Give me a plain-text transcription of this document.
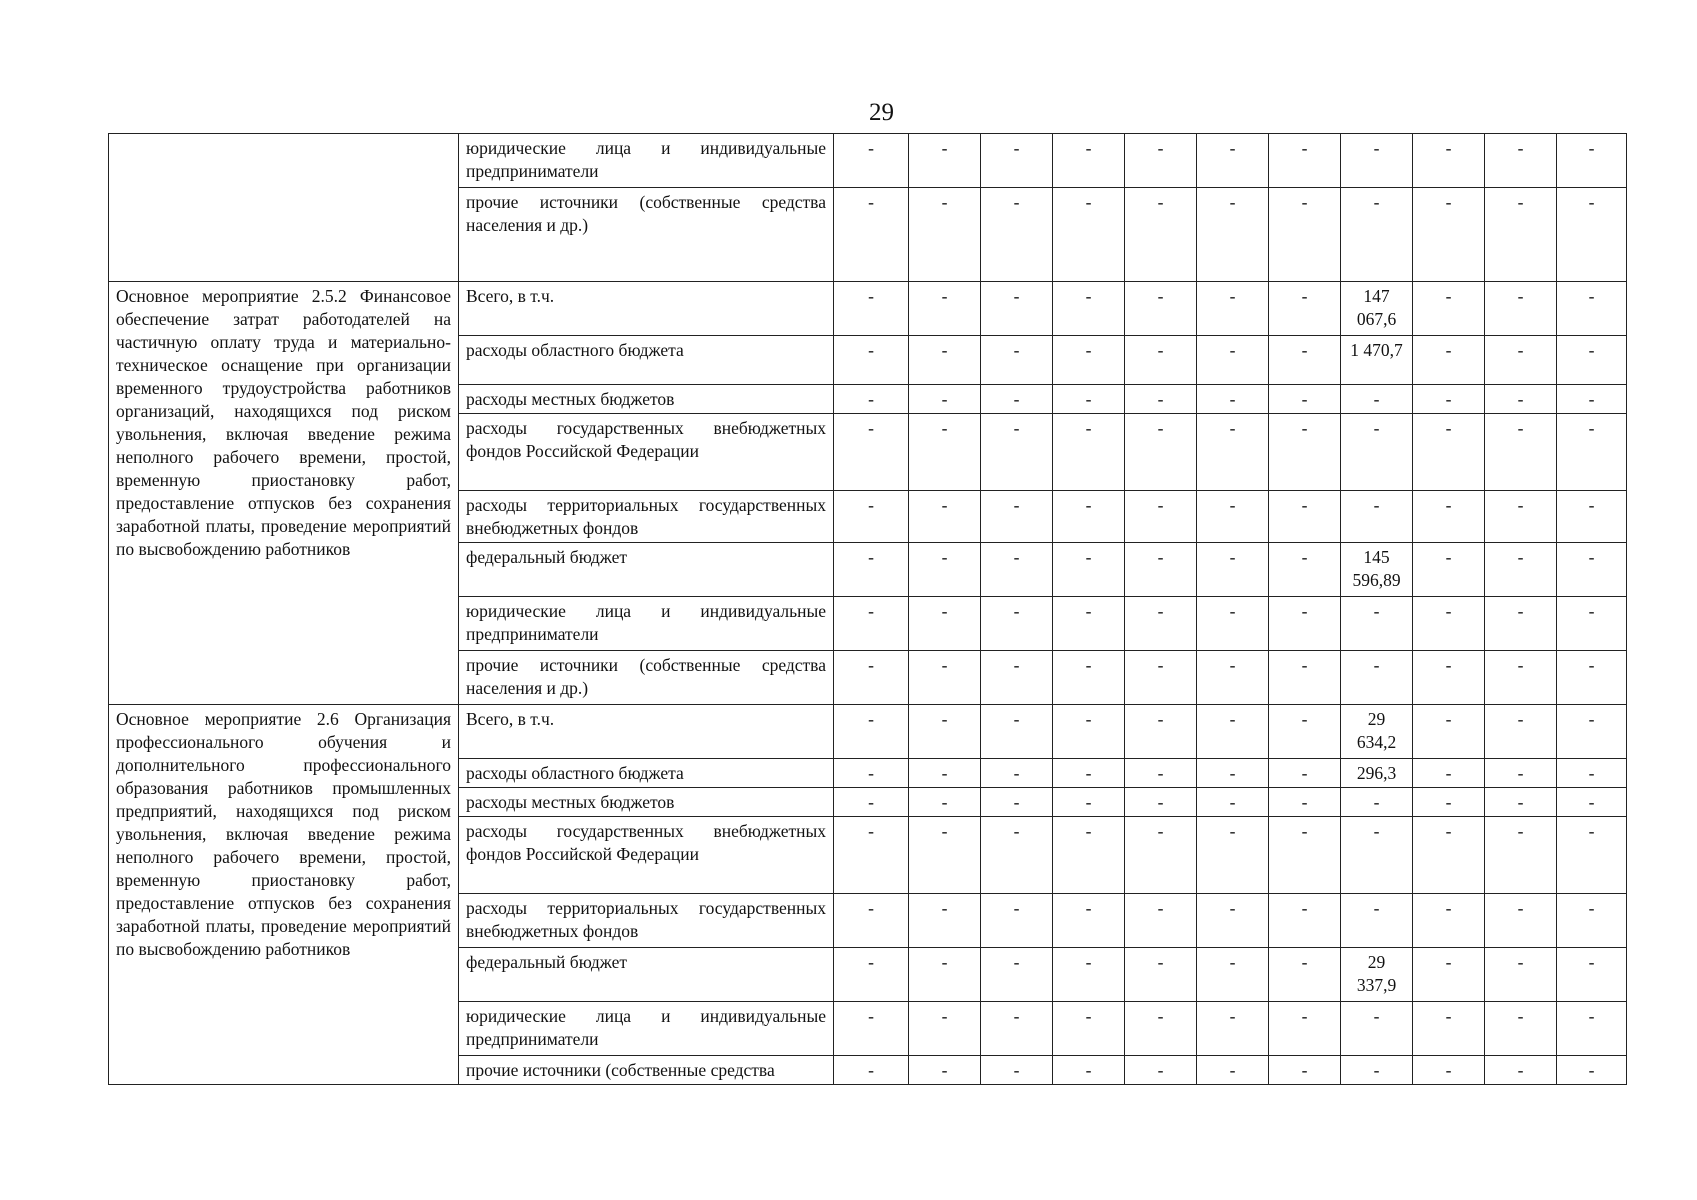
29
	юридические лица и индивидуальные предприниматели	-	-	-	-	-	-	-	-	-	-	-
	прочие источники (собственные средства населения и др.)	-	-	-	-	-	-	-	-	-	-	-
Основное мероприятие 2.5.2 Финансовое обеспечение затрат работодателей на частичную оплату труда и материально-техническое оснащение при организации временного трудоустройства работников организаций, находящихся под риском увольнения, включая введение режима неполного рабочего времени, простой, временную приостановку работ, предоставление отпусков без сохранения заработной платы, проведение мероприятий по высвобождению работников	Всего, в т.ч.	-	-	-	-	-	-	-	147 067,6	-	-	-
	расходы областного бюджета	-	-	-	-	-	-	-	1 470,7	-	-	-
	расходы местных бюджетов	-	-	-	-	-	-	-	-	-	-	-
	расходы государственных внебюджетных фондов Российской Федерации	-	-	-	-	-	-	-	-	-	-	-
	расходы территориальных государственных внебюджетных фондов	-	-	-	-	-	-	-	-	-	-	-
	федеральный бюджет	-	-	-	-	-	-	-	145 596,89	-	-	-
	юридические лица и индивидуальные предприниматели	-	-	-	-	-	-	-	-	-	-	-
	прочие источники (собственные средства населения и др.)	-	-	-	-	-	-	-	-	-	-	-
Основное мероприятие 2.6 Организация профессионального обучения и дополнительного профессионального образования работников промышленных предприятий, находящихся под риском увольнения, включая введение режима неполного рабочего времени, простой, временную приостановку работ, предоставление отпусков без сохранения заработной платы, проведение мероприятий по высвобождению работников	Всего, в т.ч.	-	-	-	-	-	-	-	29 634,2	-	-	-
	расходы областного бюджета	-	-	-	-	-	-	-	296,3	-	-	-
	расходы местных бюджетов	-	-	-	-	-	-	-	-	-	-	-
	расходы государственных внебюджетных фондов Российской Федерации	-	-	-	-	-	-	-	-	-	-	-
	расходы территориальных государственных внебюджетных фондов	-	-	-	-	-	-	-	-	-	-	-
	федеральный бюджет	-	-	-	-	-	-	-	29 337,9	-	-	-
	юридические лица и индивидуальные предприниматели	-	-	-	-	-	-	-	-	-	-	-
	прочие источники (собственные средства	-	-	-	-	-	-	-	-	-	-	-
